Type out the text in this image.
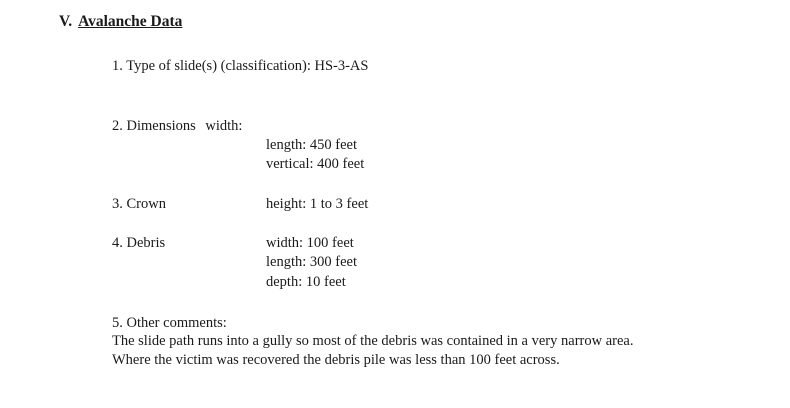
V. Avalanche Data
1. Type of slide(s) (classification): HS-3-AS
2. Dimensions width:
length: 450 feet
vertical: 400 feet
3. Crown	height: 1 to 3 feet
4. Debris	width: 100 feet
length: 300 feet
depth: 10 feet
5. Other comments:
The slide path runs into a gully so most of the debris was contained in a very narrow area.
Where the victim was recovered the debris pile was less than 100 feet across.
